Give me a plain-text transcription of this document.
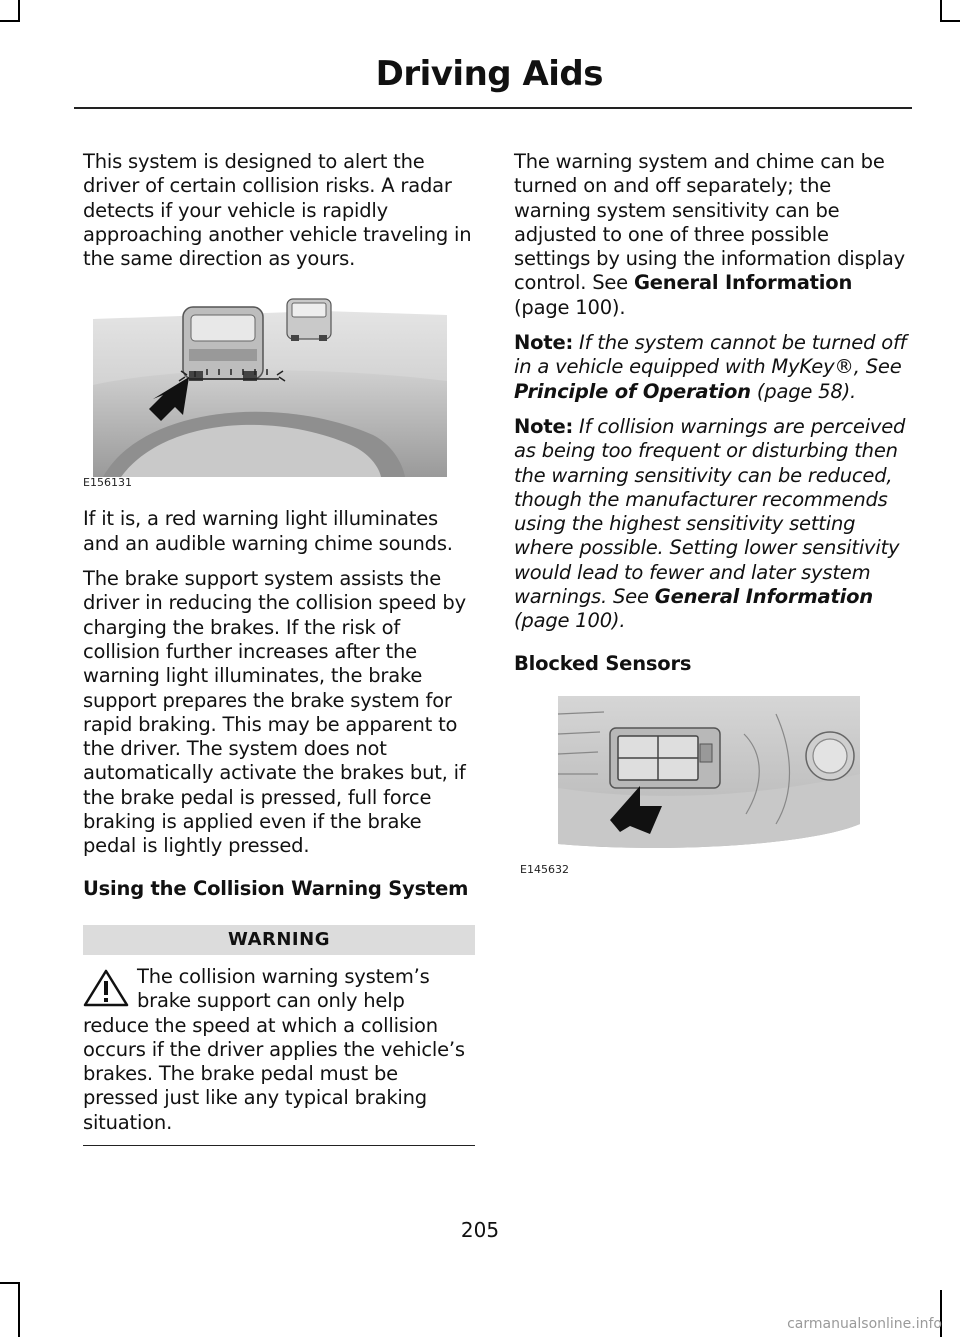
Driving Aids

This system is designed to alert the driver of certain collision risks. A radar detects if your vehicle is rapidly approaching another vehicle traveling in the same direction as yours.

E156131

If it is, a red warning light illuminates and an audible warning chime sounds.

The brake support system assists the driver in reducing the collision speed by charging the brakes. If the risk of collision further increases after the warning light illuminates, the brake support prepares the brake system for rapid braking. This may be apparent to the driver. The system does not automatically activate the brakes but, if the brake pedal is pressed, full force braking is applied even if the brake pedal is lightly pressed.

Using the Collision Warning System

WARNING
The collision warning system’s brake support can only help reduce the speed at which a collision occurs if the driver applies the vehicle’s brakes. The brake pedal must be pressed just like any typical braking situation.

The warning system and chime can be turned on and off separately; the warning system sensitivity can be adjusted to one of three possible settings by using the information display control. See General Information (page 100).

Note: If the system cannot be turned off in a vehicle equipped with MyKey®, See Principle of Operation (page 58).

Note: If collision warnings are perceived as being too frequent or disturbing then the warning sensitivity can be reduced, though the manufacturer recommends using the highest sensitivity setting where possible. Setting lower sensitivity would lead to fewer and later system warnings. See General Information (page 100).

Blocked Sensors

E145632
205
carmanualsonline.info
